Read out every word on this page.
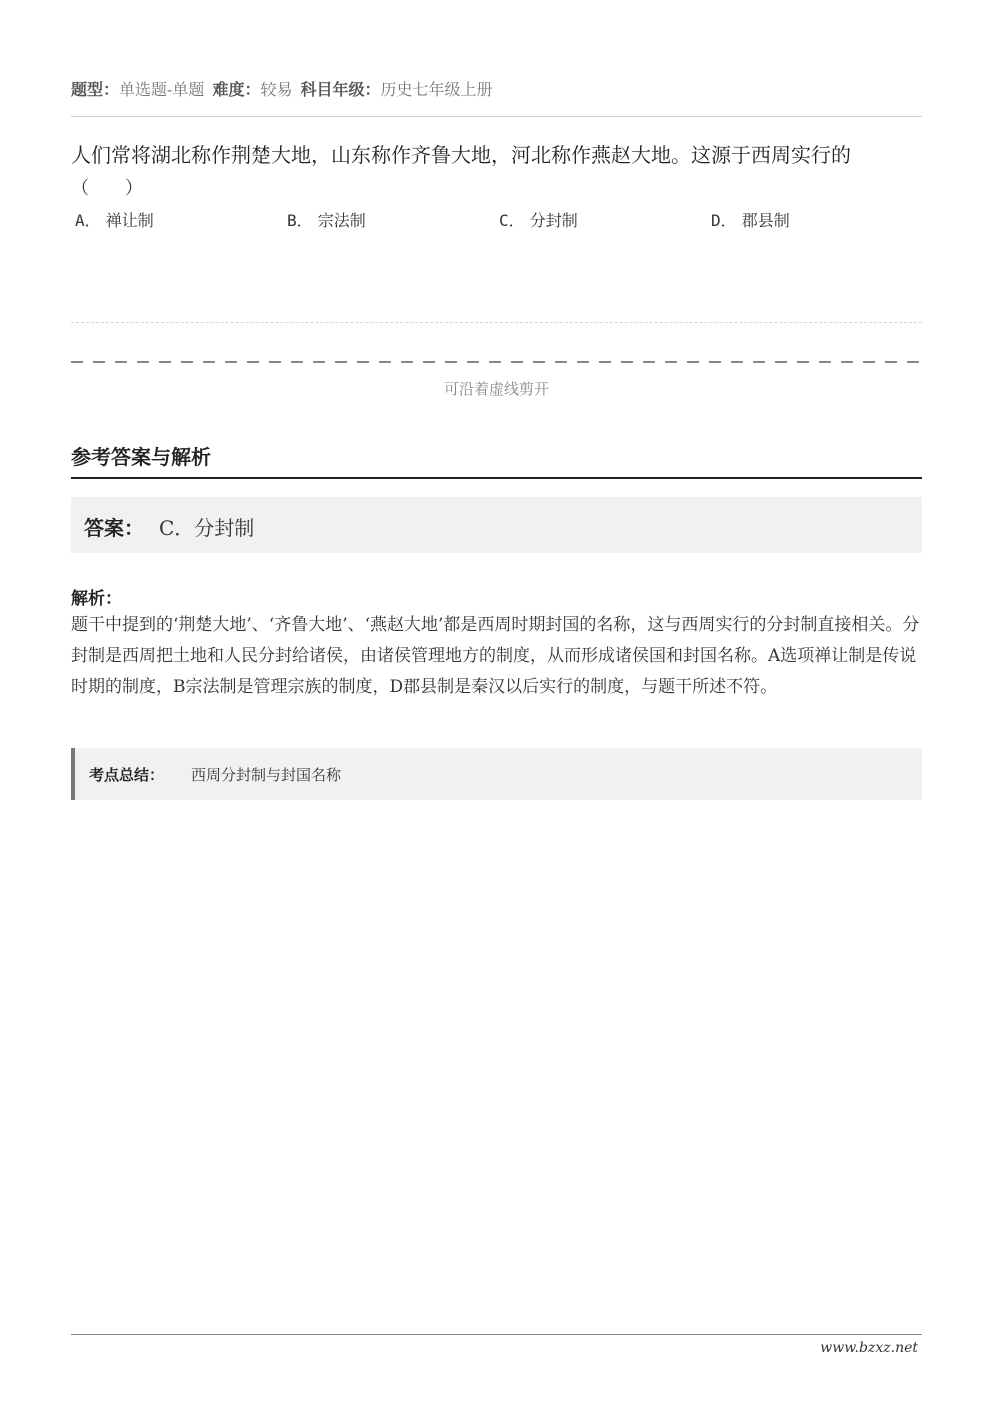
题型：单选题-单题 难度：较易 科目年级：历史七年级上册
人们常将湖北称作荆楚大地，山东称作齐鲁大地，河北称作燕赵大地。这源于西周实行的
（　　）
A． 禅让制	B． 宗法制	C． 分封制	D． 郡县制
可沿着虚线剪开
参考答案与解析
答案： C．分封制
解析：
题干中提到的‘荆楚大地’、‘齐鲁大地’、‘燕赵大地’都是西周时期封国的名称，这与西周实行的分封制直接相关。分封制是西周把土地和人民分封给诸侯，由诸侯管理地方的制度，从而形成诸侯国和封国名称。A选项禅让制是传说时期的制度，B宗法制是管理宗族的制度，D郡县制是秦汉以后实行的制度，与题干所述不符。
考点总结： 西周分封制与封国名称
www.bzxz.net
